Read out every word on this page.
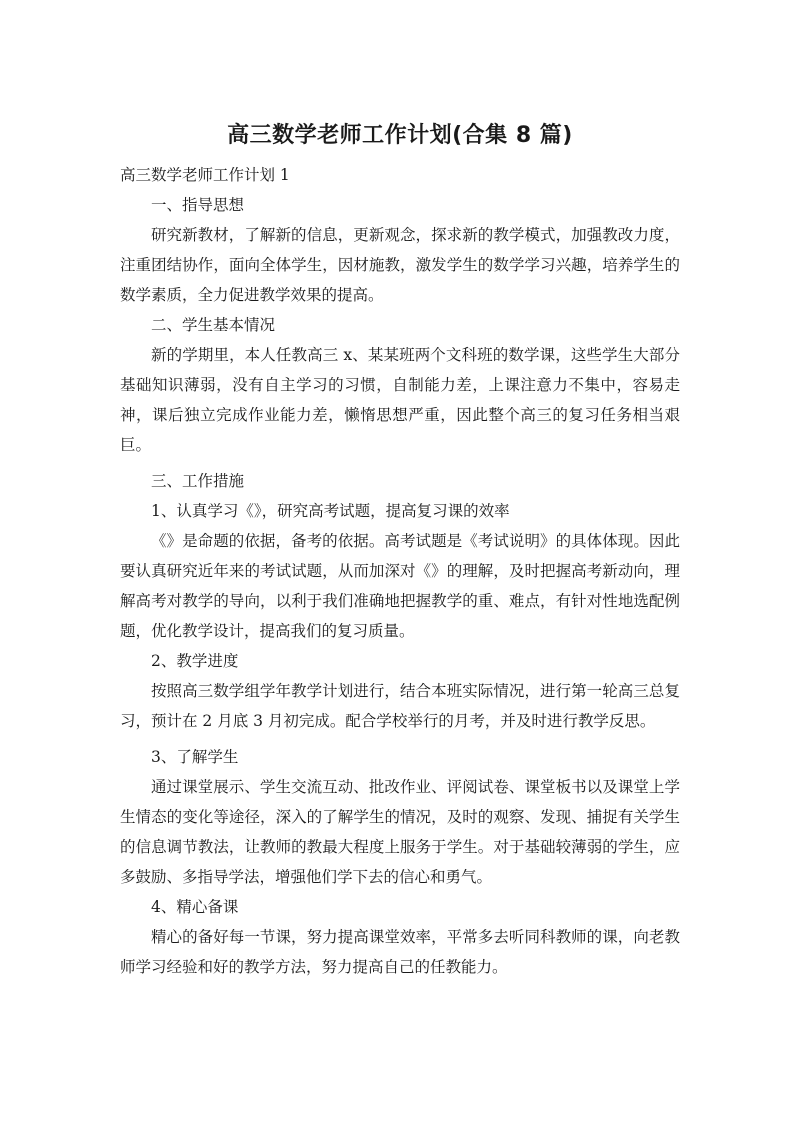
高三数学老师工作计划(合集 8 篇)
高三数学老师工作计划 1
一、指导思想

研究新教材，了解新的信息，更新观念，探求新的教学模式，加强教改力度，注重团结协作，面向全体学生，因材施教，激发学生的数学学习兴趣，培养学生的数学素质，全力促进教学效果的提高。

二、学生基本情况

新的学期里，本人任教高三 x、某某班两个文科班的数学课，这些学生大部分基础知识薄弱，没有自主学习的习惯，自制能力差，上课注意力不集中，容易走神，课后独立完成作业能力差，懒惰思想严重，因此整个高三的复习任务相当艰巨。

三、工作措施
1、认真学习《》，研究高考试题，提高复习课的效率

《》是命题的依据，备考的依据。高考试题是《考试说明》的具体体现。因此要认真研究近年来的考试试题，从而加深对《》的理解，及时把握高考新动向，理解高考对教学的导向，以利于我们准确地把握教学的重、难点，有针对性地选配例题，优化教学设计，提高我们的复习质量。

2、教学进度

按照高三数学组学年教学计划进行，结合本班实际情况，进行第一轮高三总复习，预计在 2 月底 3 月初完成。配合学校举行的月考，并及时进行教学反思。

3、了解学生

通过课堂展示、学生交流互动、批改作业、评阅试卷、课堂板书以及课堂上学生情态的变化等途径，深入的了解学生的情况，及时的观察、发现、捕捉有关学生的信息调节教法，让教师的教最大程度上服务于学生。对于基础较薄弱的学生，应多鼓励、多指导学法，增强他们学下去的信心和勇气。

4、精心备课

精心的备好每一节课，努力提高课堂效率，平常多去听同科教师的课，向老教师学习经验和好的教学方法，努力提高自己的任教能力。
